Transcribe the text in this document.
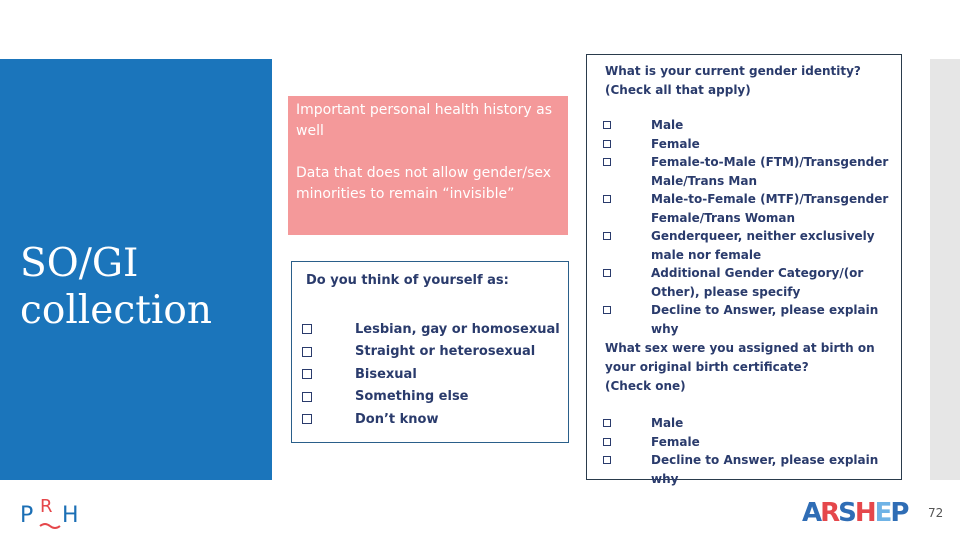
SO/GI collection

Important personal health history as well

Data that does not allow gender/sex minorities to remain “invisible”

Do you think of yourself as:
Lesbian, gay or homosexual
Straight or heterosexual
Bisexual
Something else
Don’t know
What is your current gender identity?
(Check all that apply)
Male
Female
Female-to-Male (FTM)/Transgender Male/Trans Man
Male-to-Female (MTF)/Transgender Female/Trans Woman
Genderqueer, neither exclusively male nor female
Additional Gender Category/(or Other), please specify
Decline to Answer, please explain why
What sex were you assigned at birth on
your original birth certificate?
(Check one)
Male
Female
Decline to Answer, please explain why
P R H	ARSHEP 72
